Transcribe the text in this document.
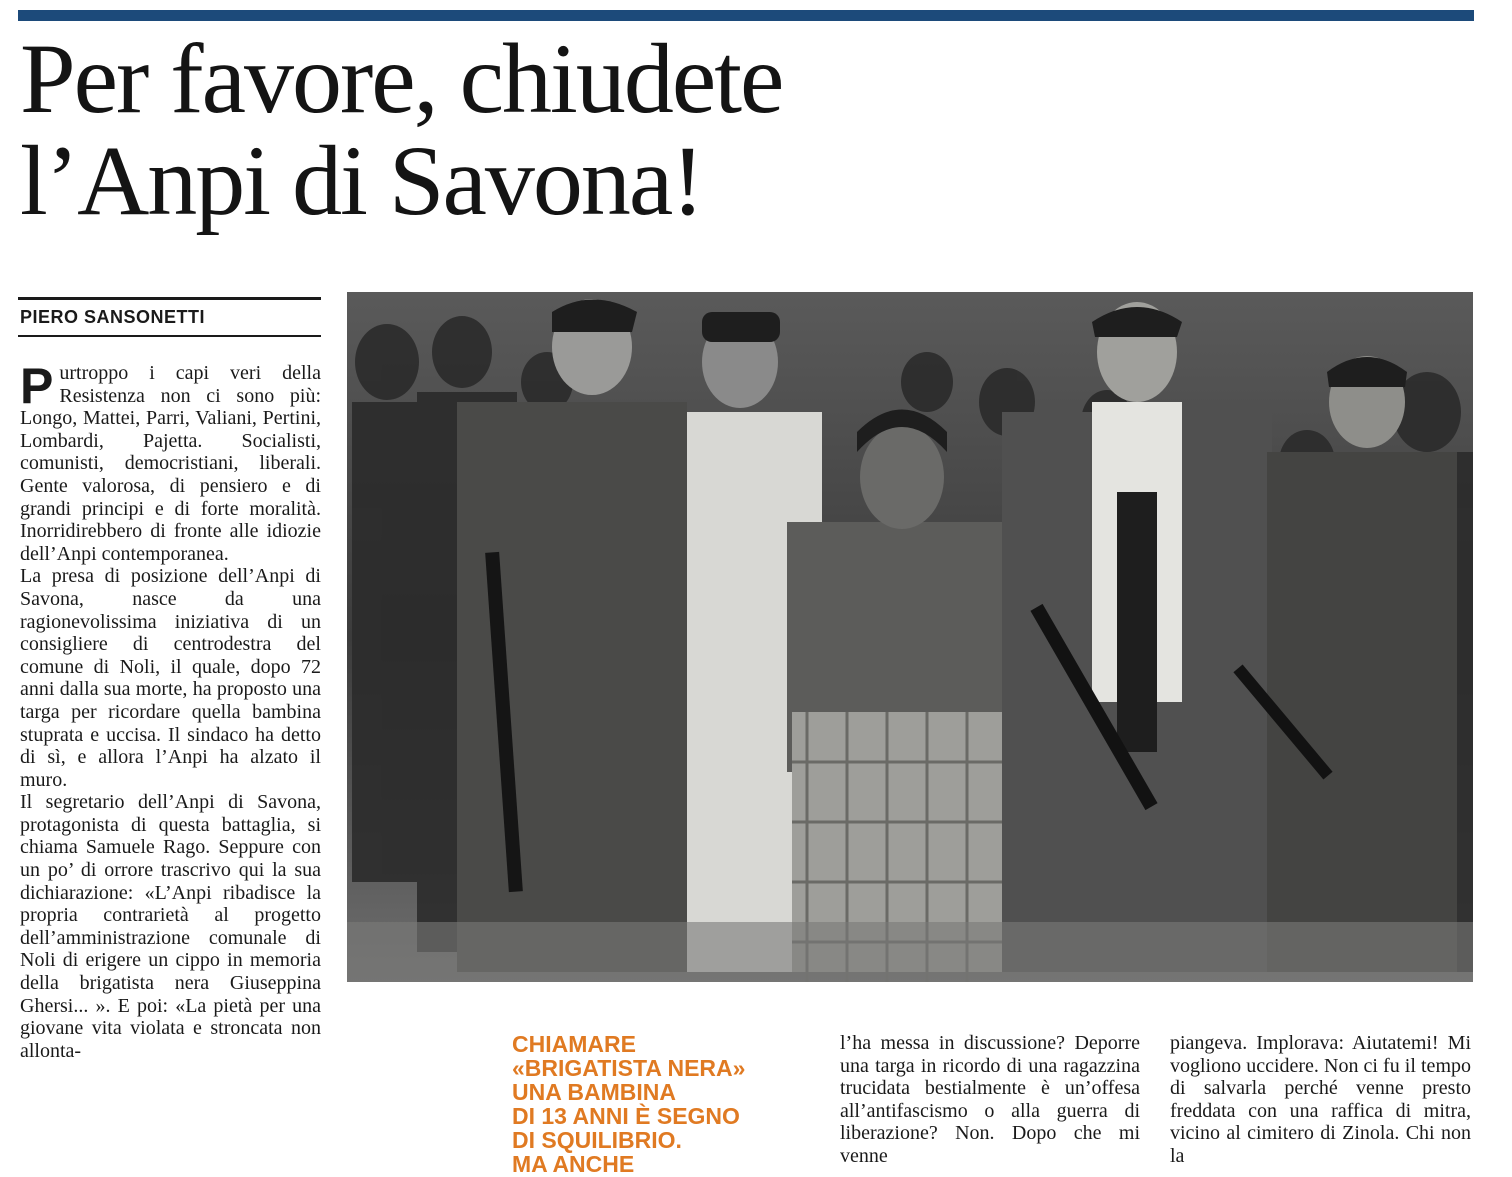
Per favore, chiudete
l’Anpi di Savona!
PIERO SANSONETTI

Purtroppo i capi veri della Resistenza non ci sono più: Longo, Mattei, Parri, Valiani, Pertini, Lombardi, Pajetta. Socialisti, comunisti, democristiani, liberali. Gente valorosa, di pensiero e di grandi principi e di forte moralità. Inorridirebbero di fronte alle idiozie dell’Anpi contemporanea.

La presa di posizione dell’Anpi di Savona, nasce da una ragionevolissima iniziativa di un consigliere di centrodestra del comune di Noli, il quale, dopo 72 anni dalla sua morte, ha proposto una targa per ricordare quella bambina stuprata e uccisa. Il sindaco ha detto di sì, e allora l’Anpi ha alzato il muro.

Il segretario dell’Anpi di Savona, protagonista di questa battaglia, si chiama Samuele Rago. Seppure con un po’ di orrore trascrivo qui la sua dichiarazione: «L’Anpi ribadisce la propria contrarietà al progetto dell’amministrazione comunale di Noli di erigere un cippo in memoria della brigatista nera Giuseppina Ghersi... ». E poi: «La pietà per una giovane vita violata e stroncata non allonta-	CHIAMARE
«BRIGATISTA NERA»
UNA BAMBINA
DI 13 ANNI È SEGNO
DI SQUILIBRIO.
MA ANCHE

l’ha messa in discussione? Deporre una targa in ricordo di una ragazzina trucidata bestialmente è un’offesa all’antifascismo o alla guerra di liberazione? Non. Dopo che mi venne

piangeva. Implorava: Aiutatemi! Mi vogliono uccidere. Non ci fu il tempo di salvarla perché venne presto freddata con una raffica di mitra, vicino al cimitero di Zinola. Chi non la
